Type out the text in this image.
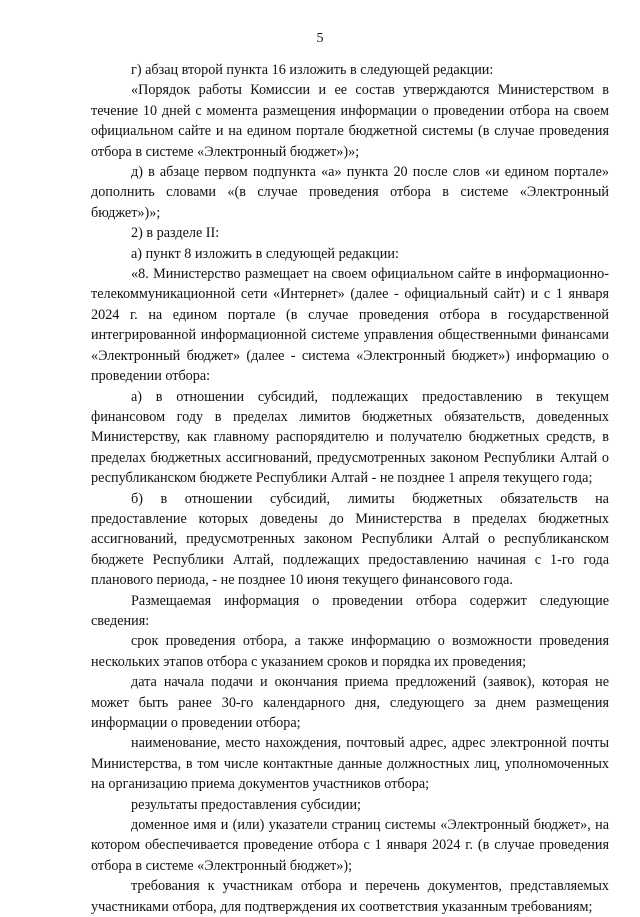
5

г) абзац второй пункта 16 изложить в следующей редакции:

«Порядок работы Комиссии и ее состав утверждаются Министерством в течение 10 дней с момента размещения информации о проведении отбора на своем официальном сайте и на едином портале бюджетной системы (в случае проведения отбора в системе «Электронный бюджет»)»;

д) в абзаце первом подпункта «а» пункта 20 после слов «и едином портале» дополнить словами «(в случае проведения отбора в системе «Электронный бюджет»)»;

2) в разделе II:

а) пункт 8 изложить в следующей редакции:

«8. Министерство размещает на своем официальном сайте в информационно-телекоммуникационной сети «Интернет» (далее - официальный сайт) и с 1 января 2024 г. на едином портале (в случае проведения отбора в государственной интегрированной информационной системе управления общественными финансами «Электронный бюджет» (далее - система «Электронный бюджет») информацию о проведении отбора:

а) в отношении субсидий, подлежащих предоставлению в текущем финансовом году в пределах лимитов бюджетных обязательств, доведенных Министерству, как главному распорядителю и получателю бюджетных средств, в пределах бюджетных ассигнований, предусмотренных законом Республики Алтай о республиканском бюджете Республики Алтай - не позднее 1 апреля текущего года;

б) в отношении субсидий, лимиты бюджетных обязательств на предоставление которых доведены до Министерства в пределах бюджетных ассигнований, предусмотренных законом Республики Алтай о республиканском бюджете Республики Алтай, подлежащих предоставлению начиная с 1-го года планового периода, - не позднее 10 июня текущего финансового года.

Размещаемая информация о проведении отбора содержит следующие сведения:

срок проведения отбора, а также информацию о возможности проведения нескольких этапов отбора с указанием сроков и порядка их проведения;

дата начала подачи и окончания приема предложений (заявок), которая не может быть ранее 30-го календарного дня, следующего за днем размещения информации о проведении отбора;

наименование, место нахождения, почтовый адрес, адрес электронной почты Министерства, в том числе контактные данные должностных лиц, уполномоченных на организацию приема документов участников отбора;

результаты предоставления субсидии;

доменное имя и (или) указатели страниц системы «Электронный бюджет», на котором обеспечивается проведение отбора с 1 января 2024 г. (в случае проведения отбора в системе «Электронный бюджет»);

требования к участникам отбора и перечень документов, представляемых участниками отбора, для подтверждения их соответствия указанным требованиям;
